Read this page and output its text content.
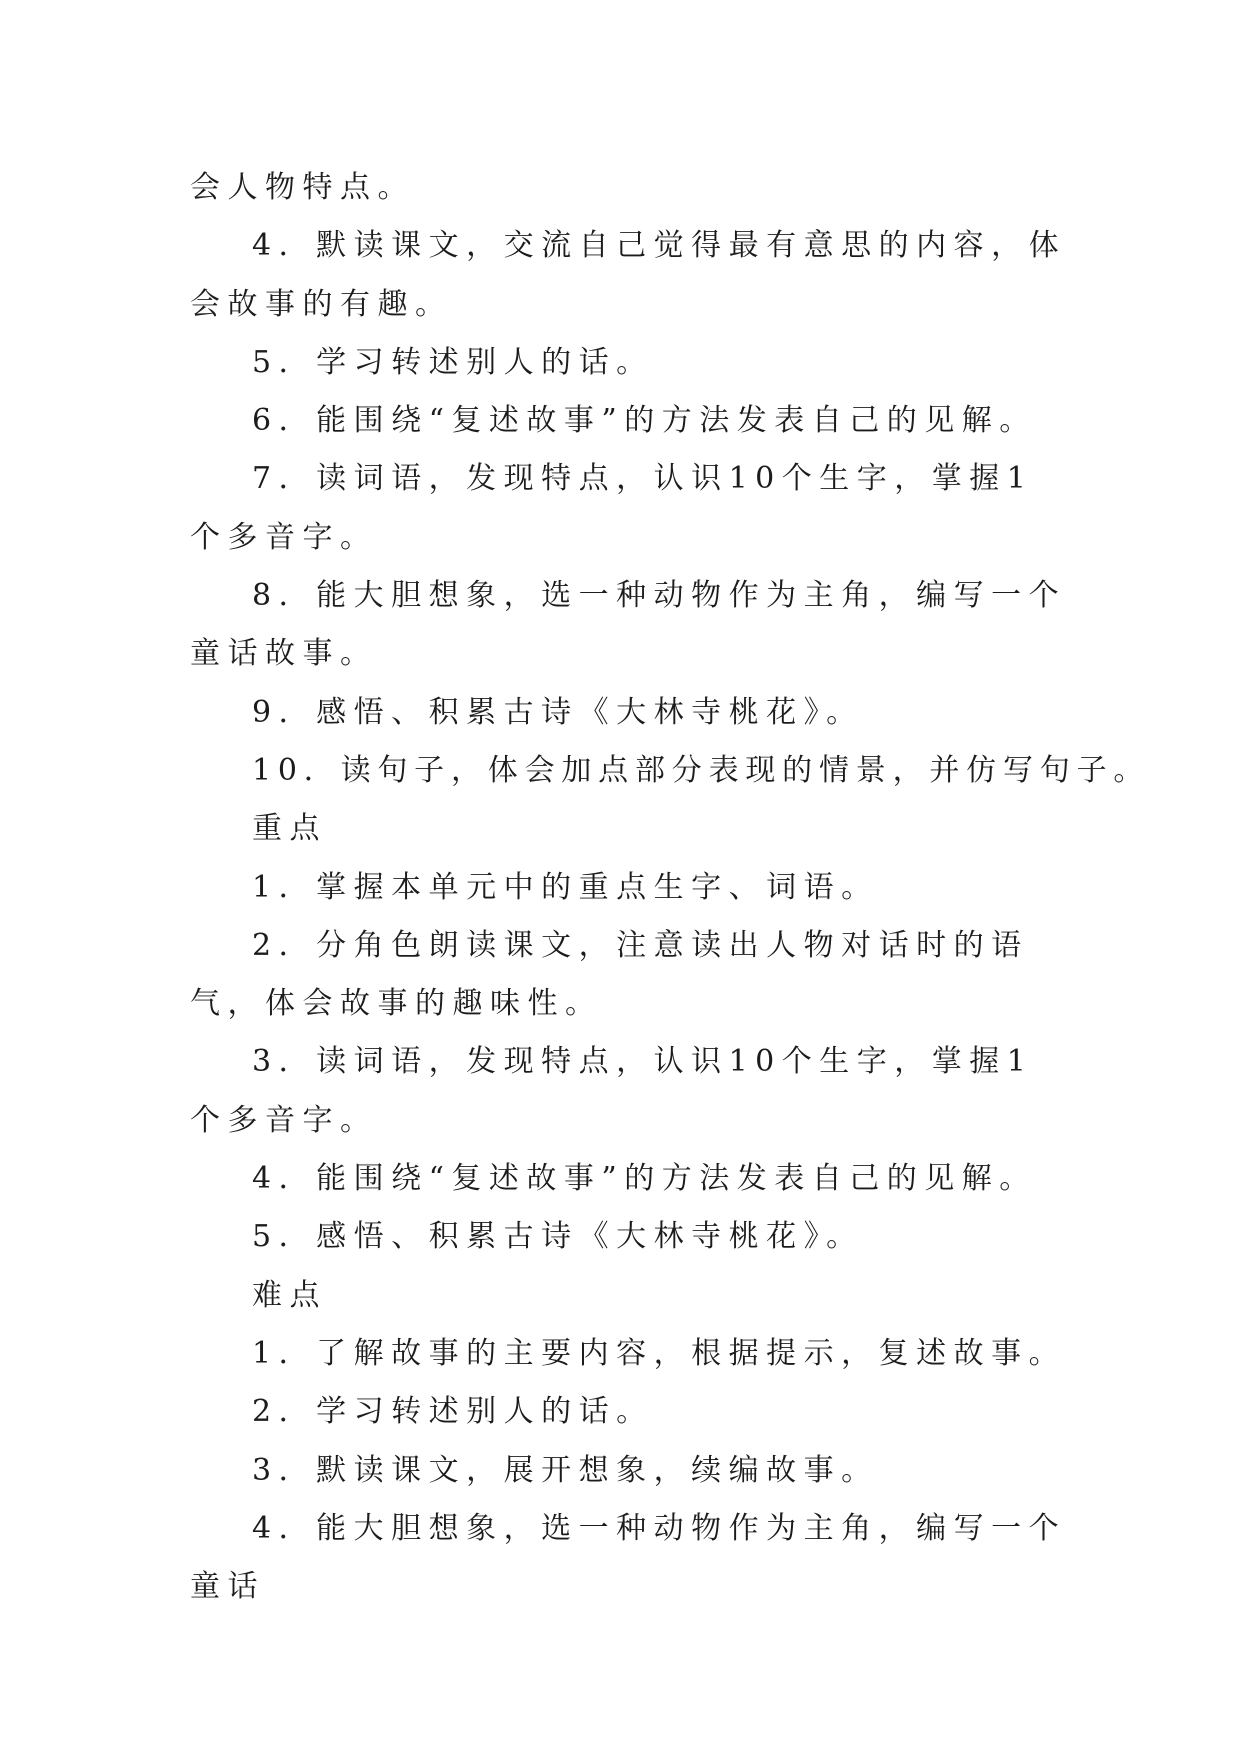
会人物特点。

4．默读课文，交流自己觉得最有意思的内容，体会故事的有趣。

5．学习转述别人的话。

6．能围绕“复述故事”的方法发表自己的见解。

7．读词语，发现特点，认识10个生字，掌握1个多音字。

8．能大胆想象，选一种动物作为主角，编写一个童话故事。

9．感悟、积累古诗《大林寺桃花》。

10．读句子，体会加点部分表现的情景，并仿写句子。

重点

1．掌握本单元中的重点生字、词语。

2．分角色朗读课文，注意读出人物对话时的语气，体会故事的趣味性。

3．读词语，发现特点，认识10个生字，掌握1个多音字。

4．能围绕“复述故事”的方法发表自己的见解。

5．感悟、积累古诗《大林寺桃花》。

难点

1．了解故事的主要内容，根据提示，复述故事。

2．学习转述别人的话。

3．默读课文，展开想象，续编故事。

4．能大胆想象，选一种动物作为主角，编写一个童话
